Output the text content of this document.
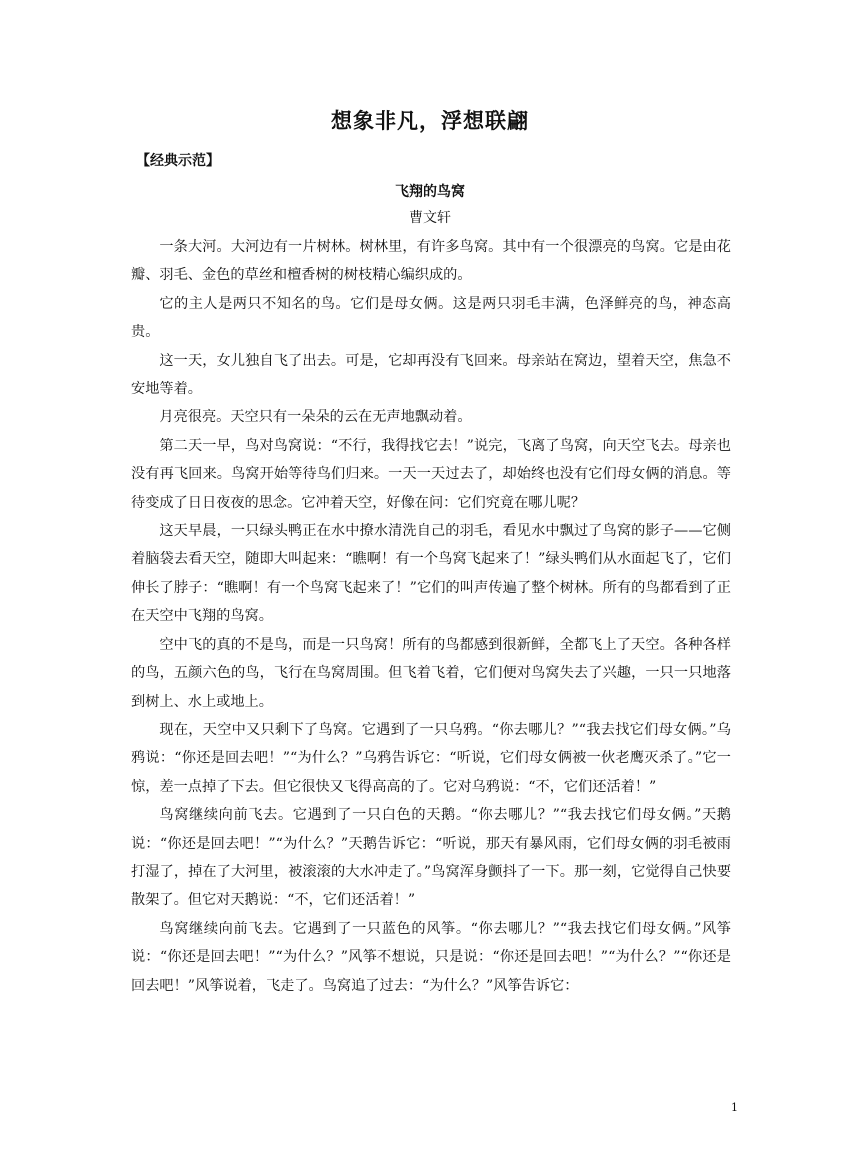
想象非凡，浮想联翩
【经典示范】
飞翔的鸟窝
曹文轩

一条大河。大河边有一片树林。树林里，有许多鸟窝。其中有一个很漂亮的鸟窝。它是由花瓣、羽毛、金色的草丝和檀香树的树枝精心编织成的。

它的主人是两只不知名的鸟。它们是母女俩。这是两只羽毛丰满，色泽鲜亮的鸟，神态高贵。

这一天，女儿独自飞了出去。可是，它却再没有飞回来。母亲站在窝边，望着天空，焦急不安地等着。

月亮很亮。天空只有一朵朵的云在无声地飘动着。

第二天一早，鸟对鸟窝说：“不行，我得找它去！”说完，飞离了鸟窝，向天空飞去。母亲也没有再飞回来。鸟窝开始等待鸟们归来。一天一天过去了，却始终也没有它们母女俩的消息。等待变成了日日夜夜的思念。它冲着天空，好像在问：它们究竟在哪儿呢？

这天早晨，一只绿头鸭正在水中撩水清洗自己的羽毛，看见水中飘过了鸟窝的影子——它侧着脑袋去看天空，随即大叫起来：“瞧啊！有一个鸟窝飞起来了！”绿头鸭们从水面起飞了，它们伸长了脖子：“瞧啊！有一个鸟窝飞起来了！”它们的叫声传遍了整个树林。所有的鸟都看到了正在天空中飞翔的鸟窝。

空中飞的真的不是鸟，而是一只鸟窝！所有的鸟都感到很新鲜，全都飞上了天空。各种各样的鸟，五颜六色的鸟，飞行在鸟窝周围。但飞着飞着，它们便对鸟窝失去了兴趣，一只一只地落到树上、水上或地上。

现在，天空中又只剩下了鸟窝。它遇到了一只乌鸦。“你去哪儿？”“我去找它们母女俩。”乌鸦说：“你还是回去吧！”“为什么？”乌鸦告诉它：“听说，它们母女俩被一伙老鹰灭杀了。”它一惊，差一点掉了下去。但它很快又飞得高高的了。它对乌鸦说：“不，它们还活着！”

鸟窝继续向前飞去。它遇到了一只白色的天鹅。“你去哪儿？”“我去找它们母女俩。”天鹅说：“你还是回去吧！”“为什么？”天鹅告诉它：“听说，那天有暴风雨，它们母女俩的羽毛被雨打湿了，掉在了大河里，被滚滚的大水冲走了。”鸟窝浑身颤抖了一下。那一刻，它觉得自己快要散架了。但它对天鹅说：“不，它们还活着！”

鸟窝继续向前飞去。它遇到了一只蓝色的风筝。“你去哪儿？”“我去找它们母女俩。”风筝说：“你还是回去吧！”“为什么？”风筝不想说，只是说：“你还是回去吧！”“为什么？”“你还是回去吧！”风筝说着，飞走了。鸟窝追了过去：“为什么？”风筝告诉它：

1
